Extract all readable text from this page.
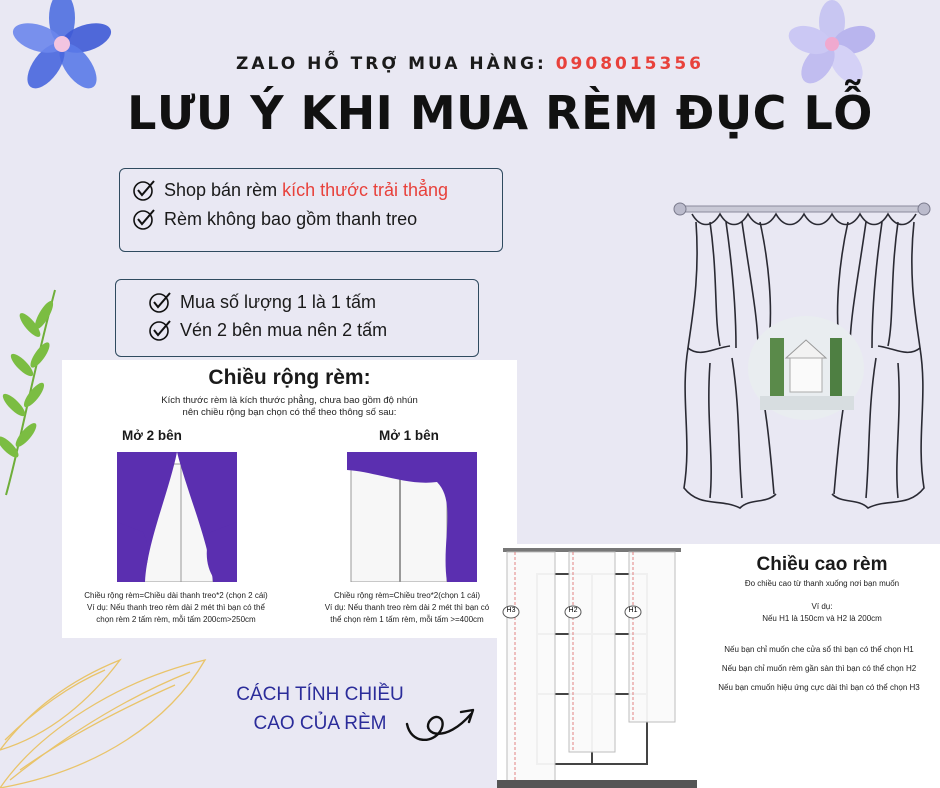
ZALO HỖ TRỢ MUA HÀNG: 0908015356
LƯU Ý KHI MUA RÈM ĐỤC LỖ
Shop bán rèm
kích thước trải thẳng
Rèm không bao gồm thanh treo
Mua số lượng 1 là 1 tấm
Vén 2 bên mua nên 2 tấm
Chiều rộng rèm:
Kích thước rèm là kích thước phẳng, chưa bao gồm độ nhún
nên chiều rộng bạn chọn có thể theo thông số sau:
Mở 2 bên	Mở 1 bên
Chiều rộng rèm=Chiều dài thanh treo*2 (chọn 2 cái)
Ví dụ: Nếu thanh treo rèm dài 2 mét thì bạn có thể
chọn rèm 2 tấm rèm, mỗi tấm 200cm>250cm
Chiều rộng rèm=Chiều treo*2(chọn 1 cái)
Ví dụ: Nếu thanh treo rèm dài 2 mét thì bạn có
thể chọn rèm 1 tấm rèm, mỗi tấm >=400cm
H3	H2	H1
Chiều cao rèm
Đo chiều cao từ thanh xuống nơi bạn muốn
Ví dụ:
Nếu H1 là 150cm và H2 là 200cm
Nếu bạn chỉ muốn che cửa sổ thì bạn có thể chọn H1
Nếu bạn chỉ muốn rèm gần sàn thì bạn có thể chọn H2
Nếu bạn cmuốn hiệu ứng cực dài thì bạn có thể chọn H3
CÁCH TÍNH CHIỀU
CAO CỦA RÈM
